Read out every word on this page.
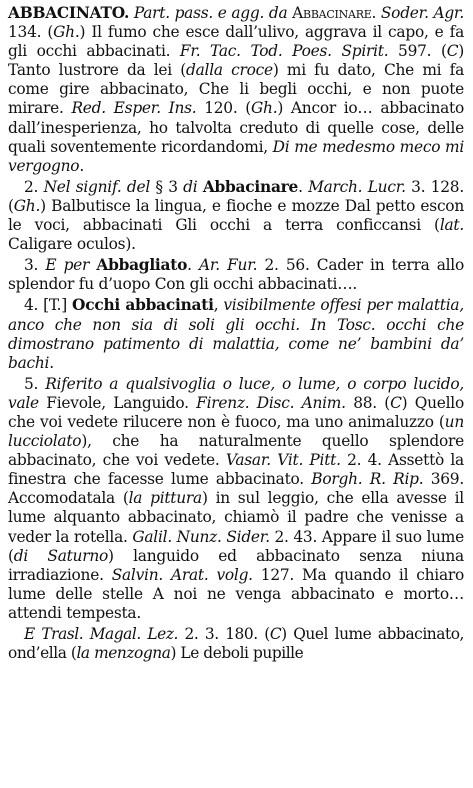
ABBACINATO. Part. pass. e agg. da Abbacinare. Soder. Agr. 134. (Gh.) Il fumo che esce dall’ulivo, aggrava il capo, e fa gli occhi abbacinati. Fr. Tac. Tod. Poes. Spirit. 597. (C) Tanto lustrore da lei (dalla croce) mi fu dato, Che mi fa come gire abbacinato, Che li begli occhi, e non puote mirare. Red. Esper. Ins. 120. (Gh.) Ancor io… abbacinato dall’inesperienza, ho talvolta creduto di quelle cose, delle quali soventemente ricordandomi, Di me medesmo meco mi vergogno.

2. Nel signif. del § 3 di Abbacinare. March. Lucr. 3. 128. (Gh.) Balbutisce la lingua, e fioche e mozze Dal petto escon le voci, abbacinati Gli occhi a terra conficcansi (lat. Caligare oculos).

3. E per Abbagliato. Ar. Fur. 2. 56. Cader in terra allo splendor fu d’uopo Con gli occhi abbacinati….

4. [T.] Occhi abbacinati, visibilmente offesi per malattia, anco che non sia di soli gli occhi. In Tosc. occhi che dimostrano patimento di malattia, come ne’ bambini da’ bachi.

5. Riferito a qualsivoglia o luce, o lume, o corpo lucido, vale Fievole, Languido. Firenz. Disc. Anim. 88. (C) Quello che voi vedete rilucere non è fuoco, ma uno animaluzzo (un lucciolato), che ha naturalmente quello splendore abbacinato, che voi vedete. Vasar. Vit. Pitt. 2. 4. Assettò la finestra che facesse lume abbacinato. Borgh. R. Rip. 369. Accomodatala (la pittura) in sul leggio, che ella avesse il lume alquanto abbacinato, chiamò il padre che venisse a veder la rotella. Galil. Nunz. Sider. 2. 43. Appare il suo lume (di Saturno) languido ed abbacinato senza niuna irradiazione. Salvin. Arat. volg. 127. Ma quando il chiaro lume delle stelle A noi ne venga abbacinato e morto… attendi tempesta.

E Trasl. Magal. Lez. 2. 3. 180. (C) Quel lume abbacinato, ond’ella (la menzogna) Le deboli pupille
